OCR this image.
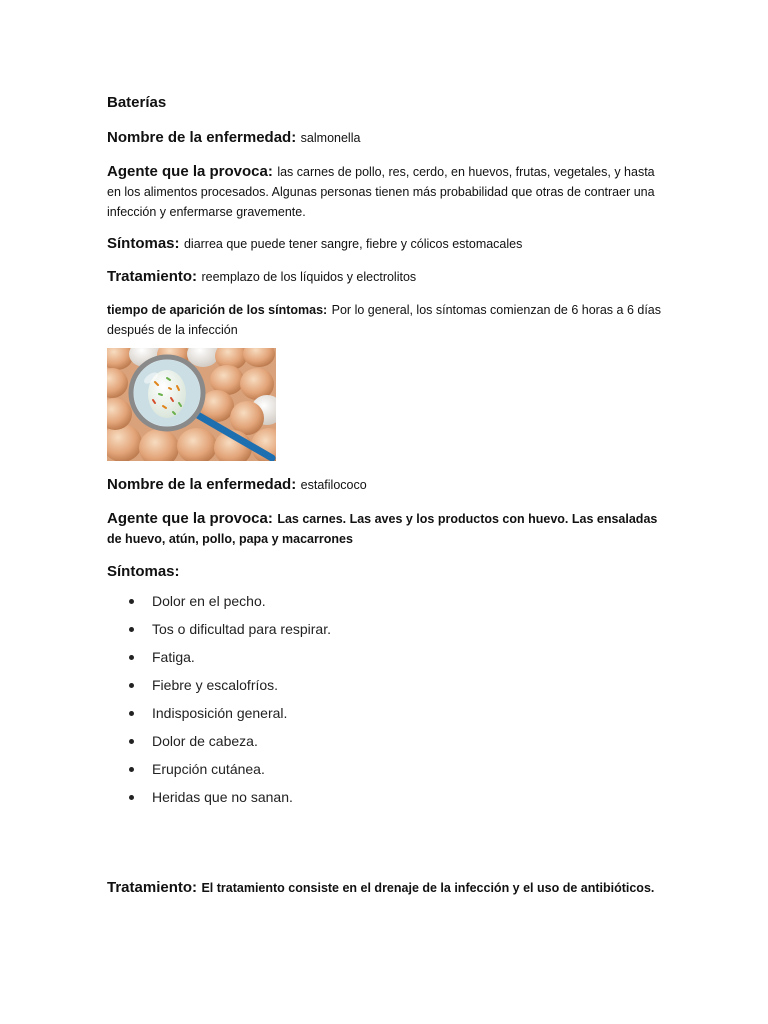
Baterías
Nombre de la enfermedad: salmonella
Agente que la provoca: las carnes de pollo, res, cerdo, en huevos, frutas, vegetales, y hasta en los alimentos procesados. Algunas personas tienen más probabilidad que otras de contraer una infección y enfermarse gravemente.
Síntomas: diarrea que puede tener sangre, fiebre y cólicos estomacales
Tratamiento: reemplazo de los líquidos y electrolitos
tiempo de aparición de los síntomas: Por lo general, los síntomas comienzan de 6 horas a 6 días después de la infección
Nombre de la enfermedad: estafilococo
Agente que la provoca: Las carnes. Las aves y los productos con huevo. Las ensaladas de huevo, atún, pollo, papa y macarrones
Síntomas:
Dolor en el pecho.
Tos o dificultad para respirar.
Fatiga.
Fiebre y escalofríos.
Indisposición general.
Dolor de cabeza.
Erupción cutánea.
Heridas que no sanan.
Tratamiento: El tratamiento consiste en el drenaje de la infección y el uso de antibióticos.
